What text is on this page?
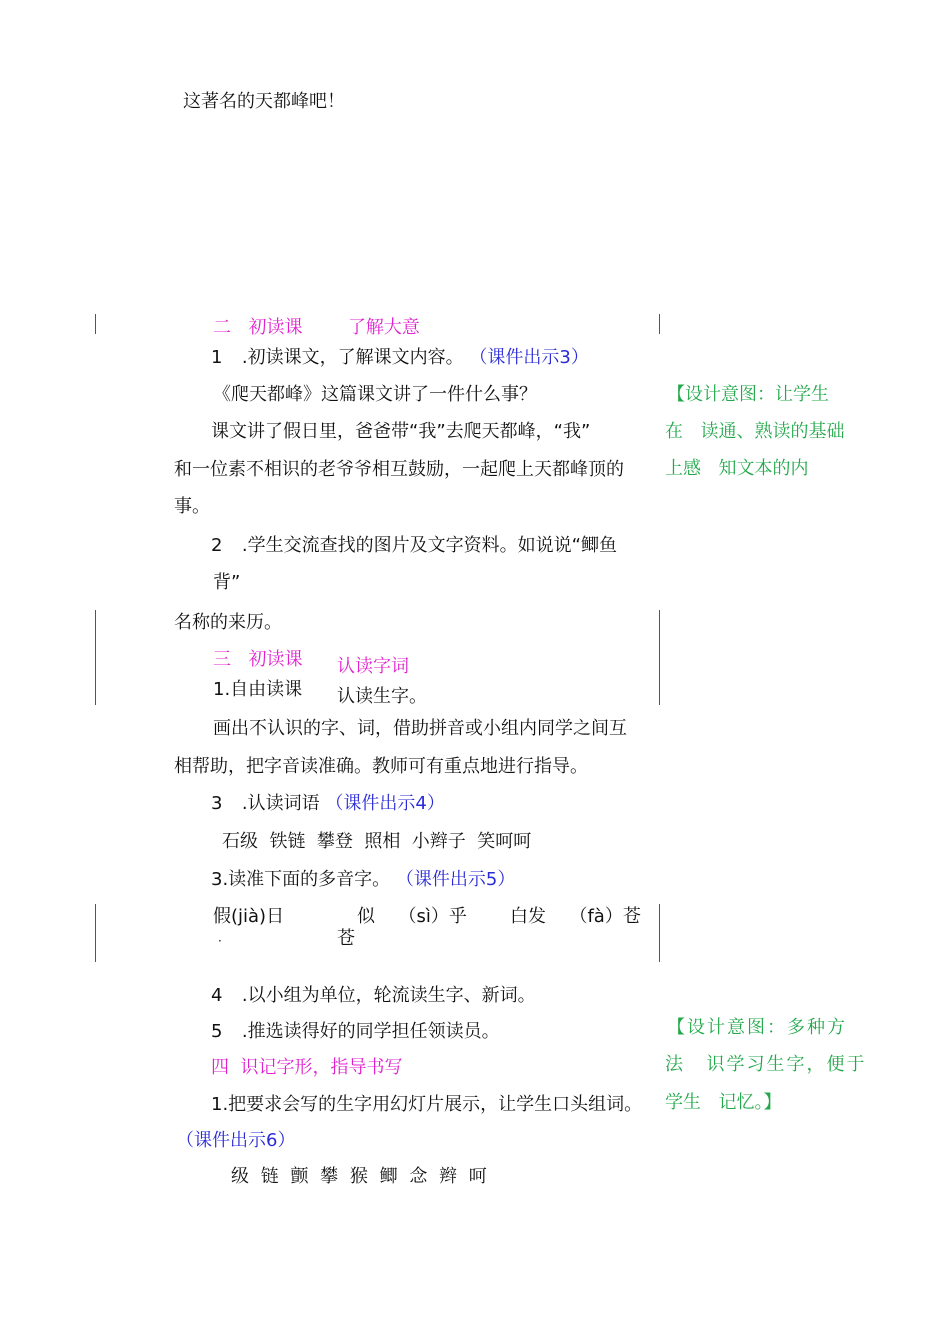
这著名的天都峰吧！
二 初读课	了解大意
1 .初读课文，了解课文内容。 （课件出示3）
《爬天都峰》这篇课文讲了一件什么事？
课文讲了假日里，爸爸带“我”去爬天都峰，“我”
和一位素不相识的老爷爷相互鼓励，一起爬上天都峰顶的
事。
2 .学生交流查找的图片及文字资料。如说说“鲫鱼
背”
名称的来历。
【设计意图：让学生
在 读通、熟读的基础
上感 知文本的内
三 初读课 认读字词
1.自由读课 认读生字。
画出不认识的字、词，借助拼音或小组内同学之间互
相帮助，把字音读准确。教师可有重点地进行指导。
3 .认读词语 （课件出示4）
石级  铁链  攀登  照相  小辫子  笑呵呵
3.读准下面的多音字。 （课件出示5）
假(jià)日
·
似 （sì）乎 白发 （fà）苍
苍
4 .以小组为单位，轮流读生字、新词。
5 .推选读得好的同学担任领读员。	【设计意图：多种方
法 识学习生字，便于
学生 记忆。】
四  识记字形，指导书写
1.把要求会写的生字用幻灯片展示，让学生口头组词。
（课件出示6）
级 链 颤 攀 猴 鲫 念 辫 呵
